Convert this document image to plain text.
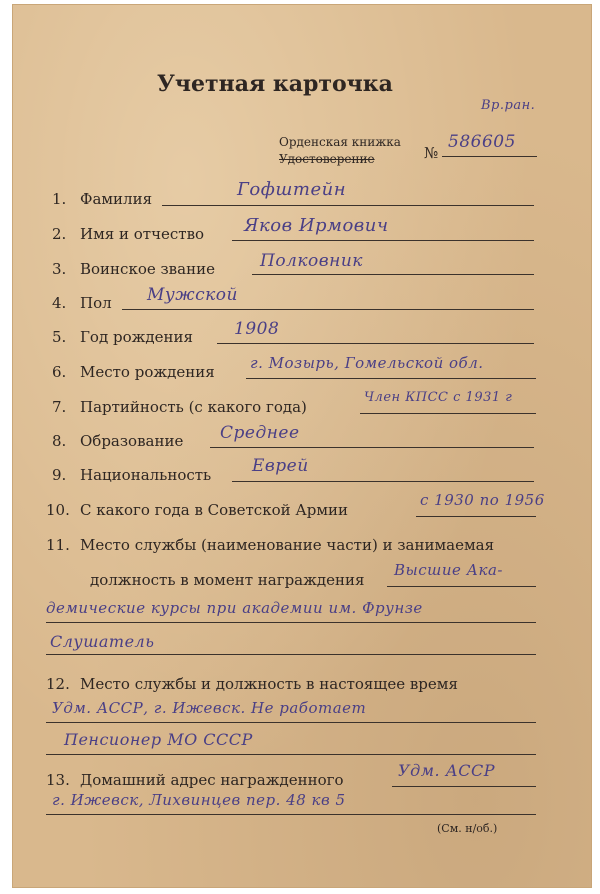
Учетная карточка
Вр.ран.
Орденская книжка
Удостоверение	№
586605
1. Фамилия	Гофштейн
2. Имя и отчество Яков Ирмович
3. Воинское звание	Полковник
4. Пол Мужской
5. Год рождения 1908
6. Место рождения г. Мозырь, Гомельской обл.
7. Партийность (с какого года)
Член КПСС с 1931 г
8. Образование Среднее
9. Национальность Еврей
10. С какого года в Советской Армии
с 1930 по 1956
11. Место службы (наименование части) и занимаемая
должность в момент награждения
Высшие Ака-
демические курсы при академии им. Фрунзе
Слушатель
12. Место службы и должность в настоящее время
Удм. АССР, г. Ижевск. Не работает
Пенсионер МО СССР
13. Домашний адрес награжденного	Удм. АССР
г. Ижевск, Лихвинцев пер. 48 кв 5
(См. н/об.)
